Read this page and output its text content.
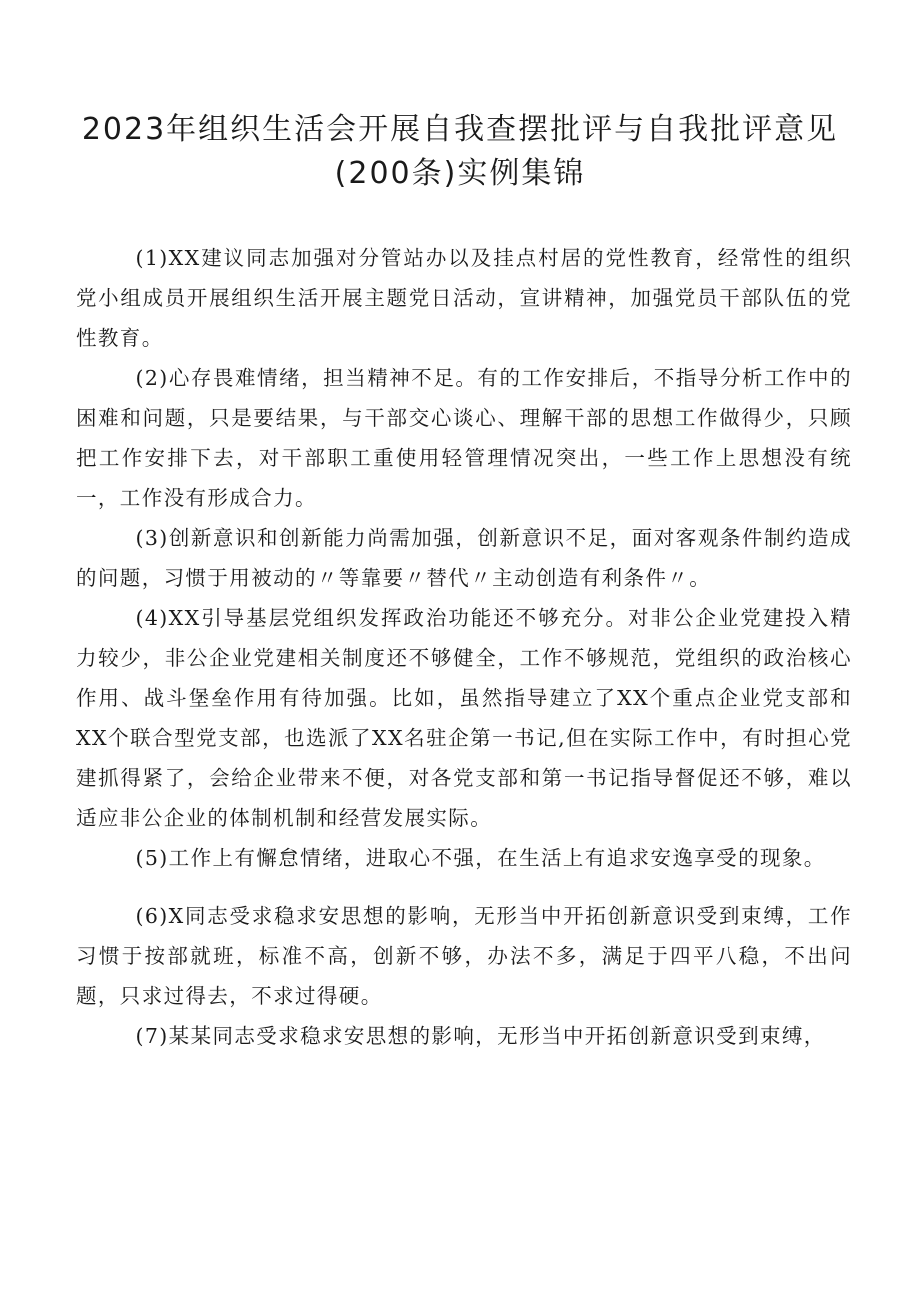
2023年组织生活会开展自我查摆批评与自我批评意见(200条)实例集锦

(1)XX建议同志加强对分管站办以及挂点村居的党性教育，经常性的组织党小组成员开展组织生活开展主题党日活动，宣讲精神，加强党员干部队伍的党性教育。

(2)心存畏难情绪，担当精神不足。有的工作安排后，不指导分析工作中的困难和问题，只是要结果，与干部交心谈心、理解干部的思想工作做得少，只顾把工作安排下去，对干部职工重使用轻管理情况突出，一些工作上思想没有统一，工作没有形成合力。

(3)创新意识和创新能力尚需加强，创新意识不足，面对客观条件制约造成的问题，习惯于用被动的〃等靠要〃替代〃主动创造有利条件〃。

(4)XX引导基层党组织发挥政治功能还不够充分。对非公企业党建投入精力较少，非公企业党建相关制度还不够健全，工作不够规范，党组织的政治核心作用、战斗堡垒作用有待加强。比如，虽然指导建立了XX个重点企业党支部和XX个联合型党支部，也选派了XX名驻企第一书记,但在实际工作中，有时担心党建抓得紧了，会给企业带来不便，对各党支部和第一书记指导督促还不够，难以适应非公企业的体制机制和经营发展实际。

(5)工作上有懈怠情绪，进取心不强，在生活上有追求安逸享受的现象。

(6)X同志受求稳求安思想的影响，无形当中开拓创新意识受到束缚，工作习惯于按部就班，标准不高，创新不够，办法不多，满足于四平八稳，不出问题，只求过得去，不求过得硬。

(7)某某同志受求稳求安思想的影响，无形当中开拓创新意识受到束缚，
